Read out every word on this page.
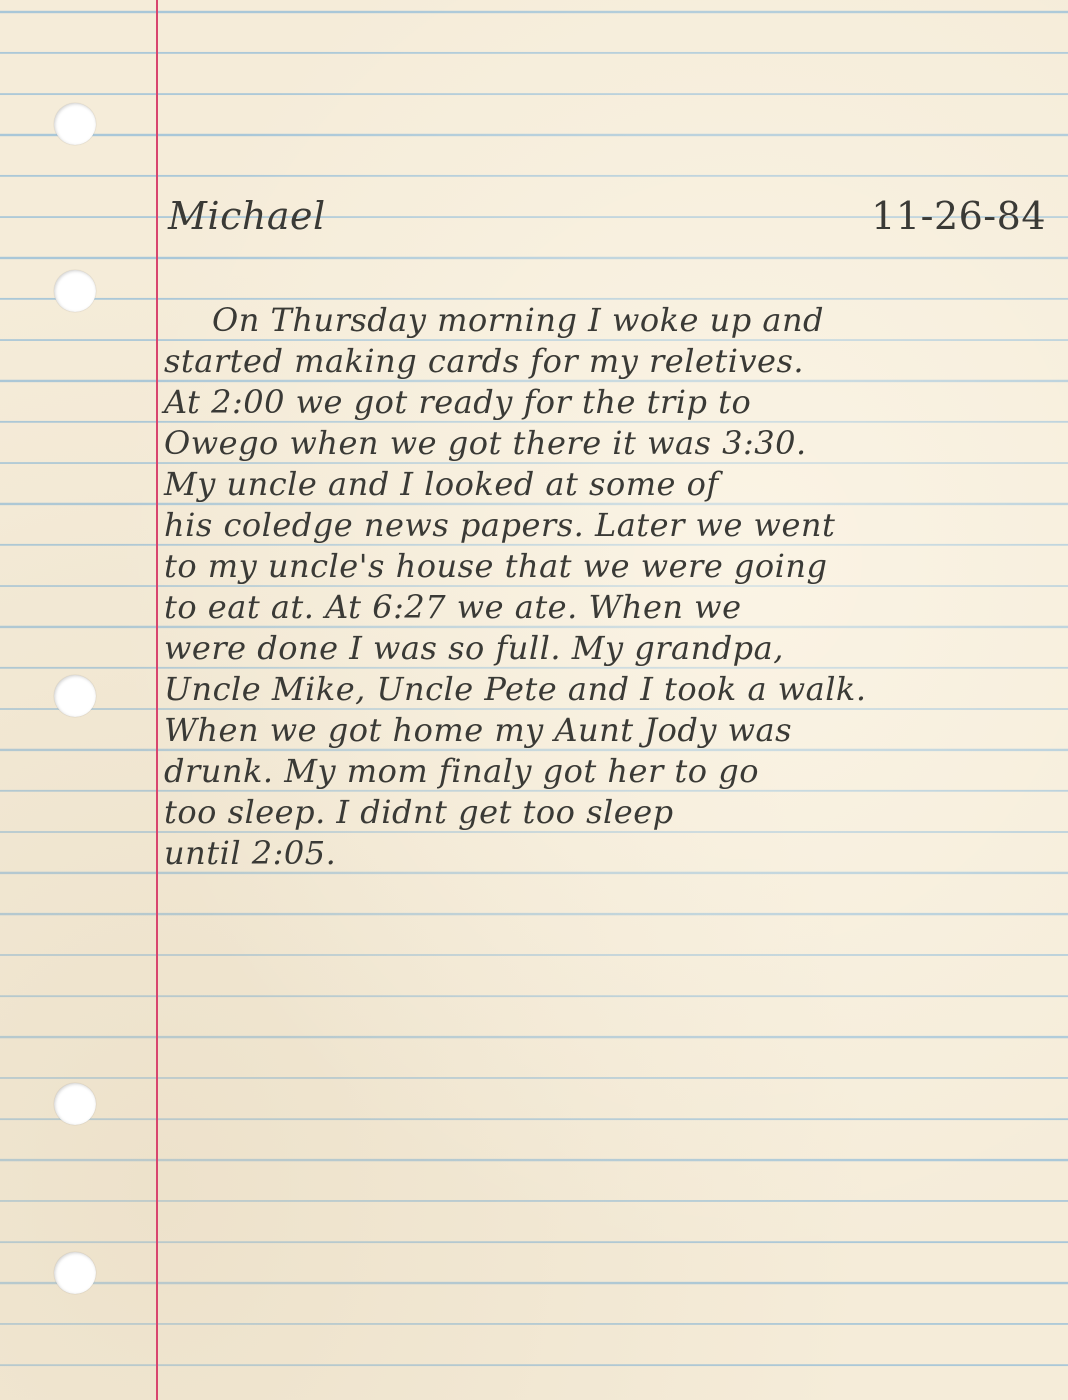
Michael	11-26-84
On Thursday morning I woke up and
started making cards for my reletives.
At 2:00 we got ready for the trip to
Owego when we got there it was 3:30.
My uncle and I looked at some of
his coledge news papers. Later we went
to my uncle's house that we were going
to eat at. At 6:27 we ate. When we
were done I was so full. My grandpa,
Uncle Mike, Uncle Pete and I took a walk.
When we got home my Aunt Jody was
drunk. My mom finaly got her to go
too sleep. I didnt get too sleep
until 2:05.
